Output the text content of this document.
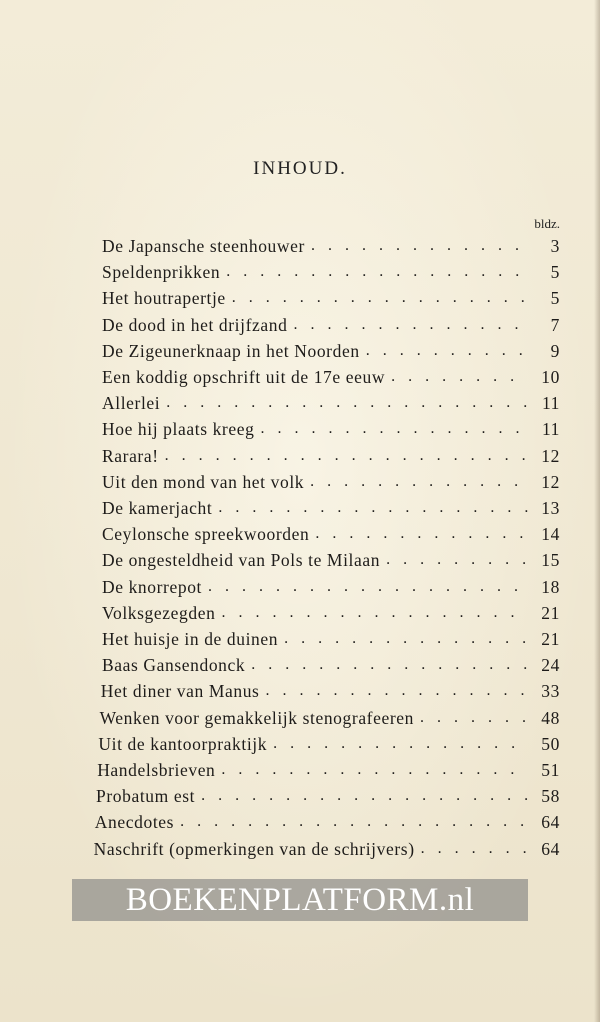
INHOUD.
bldz.
De Japansche steenhouwer . . .	3
Speldenprikken . . .	5
Het houtrapertje . . .	5
De dood in het drijfzand . . .	7
De Zigeunerknaap in het Noorden . . .	9
Een koddig opschrift uit de 17e eeuw . . .	10
Allerlei . . .	11
Hoe hij plaats kreeg . . .	11
Rarara! . . .	12
Uit den mond van het volk . . .	12
De kamerjacht . . .	13
Ceylonsche spreekwoorden . . .	14
De ongesteldheid van Pols te Milaan . . .	15
De knorrepot . . .	18
Volksgezegden . . .	21
Het huisje in de duinen . . .	21
Baas Gansendonck . . .	24
Het diner van Manus . . .	33
Wenken voor gemakkelijk stenografeeren . . .	48
Uit de kantoorpraktijk . . .	50
Handelsbrieven . . .	51
Probatum est . . .	58
Anecdotes . . .	64
Naschrift (opmerkingen van de schrijvers) . . .	64
BOEKENPLATFORM.nl
